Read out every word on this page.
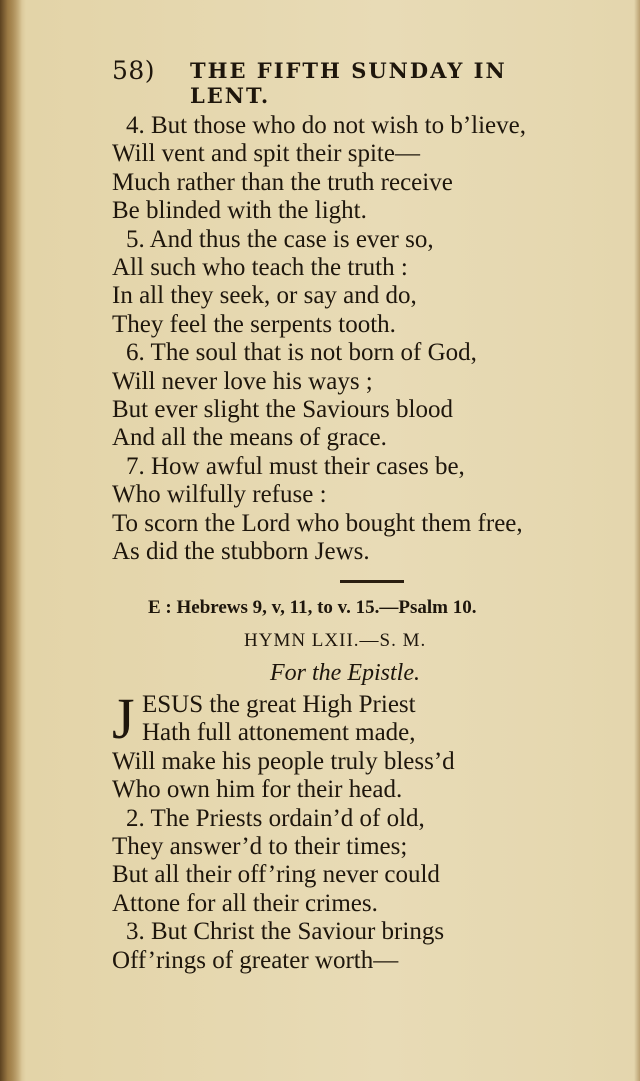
58) THE FIFTH SUNDAY IN LENT.
4. But those who do not wish to b’lieve,
Will vent and spit their spite—
Much rather than the truth receive
Be blinded with the light.
5. And thus the case is ever so,
All such who teach the truth :
In all they seek, or say and do,
They feel the serpents tooth.
6. The soul that is not born of God,
Will never love his ways ;
But ever slight the Saviours blood
And all the means of grace.
7. How awful must their cases be,
Who wilfully refuse :
To scorn the Lord who bought them free,
As did the stubborn Jews.
E : Hebrews 9, v, 11, to v. 15.—Psalm 10.
HYMN LXII.—S. M.
For the Epistle.
J ESUS the great High Priest
Hath full attonement made,
Will make his people truly bless’d
Who own him for their head.
2. The Priests ordain’d of old,
They answer’d to their times;
But all their off’ring never could
Attone for all their crimes.
3. But Christ the Saviour brings
Off’rings of greater worth—
